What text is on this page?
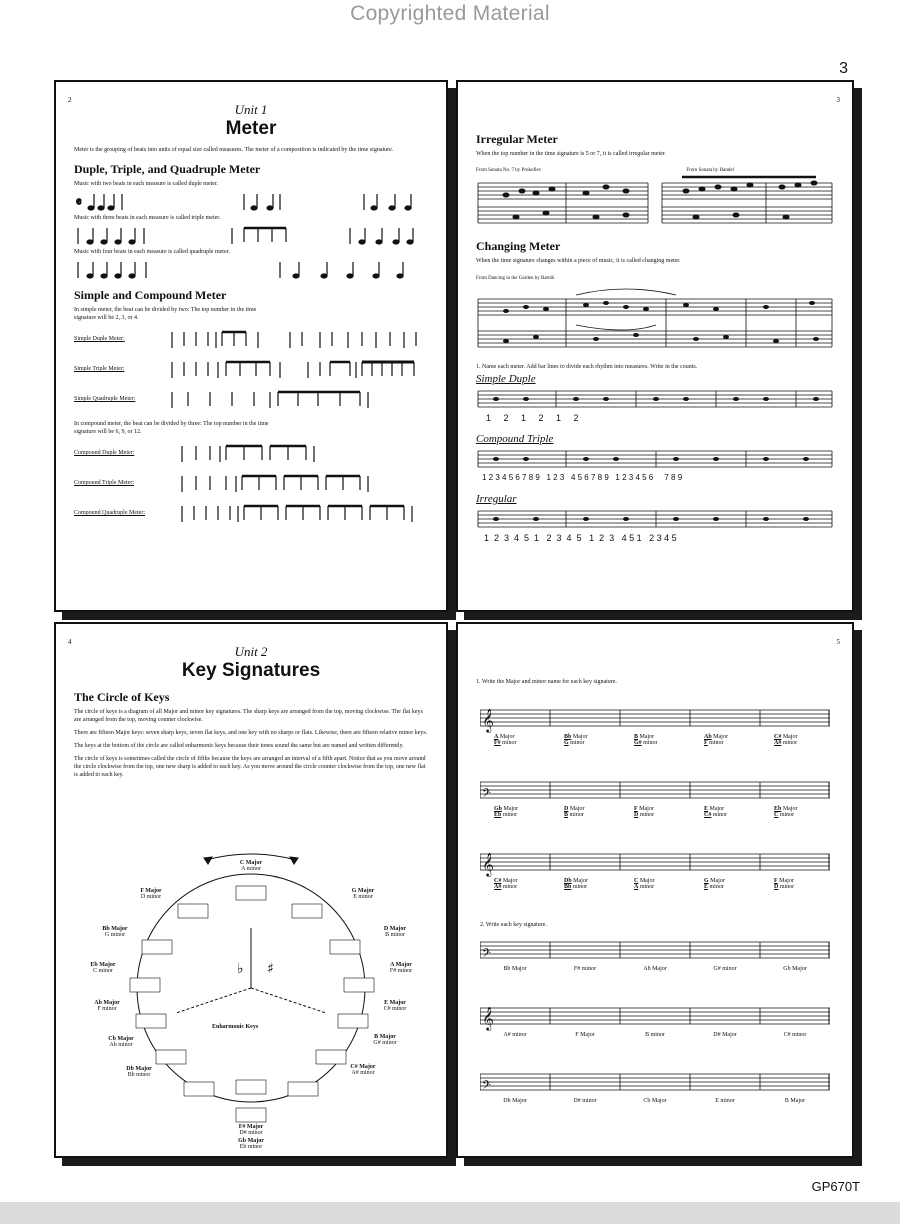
Copyrighted Material
3
2
Unit 1
Meter

Meter is the grouping of beats into units of equal size called measures. The meter of a composition is indicated by the time signature.

Duple, Triple, and Quadruple Meter

Music with two beats in each measure is called duple meter.

𝄴

Music with three beats in each measure is called triple meter.

Music with four beats in each measure is called quadruple meter.

Simple and Compound Meter

In simple meter, the beat can be divided by two: The top number in the time signature will be 2, 3, or 4.

Simple Duple Meter:
Simple Triple Meter:
Simple Quadruple Meter:

In compound meter, the beat can be divided by three: The top number in the time signature will be 6, 9, or 12.

Compound Duple Meter:
Compound Triple Meter:
Compound Quadruple Meter:
3
Irregular Meter

When the top number in the time signature is 5 or 7, it is called irregular meter.

From Sonata No. 7 by Prokofiev	From Sonata by Handel
Changing Meter

When the time signature changes within a piece of music, it is called changing meter.

From Dancing in the Garden by Bartók

1. Name each meter. Add bar lines to divide each rhythm into measures. Write in the counts.

Simple Duple
1     2     1     2     1     2
Compound Triple
1 2 3 4 5 6 7 8 9   1 2 3   4 5 6 7 8 9   1 2 3 4 5 6     7 8 9
Irregular
1  2  3  4  5  1   2  3  4  5   1  2  3   4 5 1   2 3 4 5
4
Unit 2
Key Signatures
The Circle of Keys

The circle of keys is a diagram of all Major and minor key signatures. The sharp keys are arranged from the top, moving clockwise. The flat keys are arranged from the top, moving counter clockwise.

There are fifteen Major keys: seven sharp keys, seven flat keys, and one key with no sharps or flats. Likewise, there are fifteen relative minor keys.

The keys at the bottom of the circle are called enharmonic keys because their tones sound the same but are named and written differently.

The circle of keys is sometimes called the circle of fifths because the keys are arranged an interval of a fifth apart. Notice that as you move around the circle clockwise from the top, one new sharp is added to each key. As you move around the circle counter clockwise from the top, one new flat is added to each key.

♭ ♯
Enharmonic Keys
C Major
A minor
G Major
E minor
D Major
B minor
A Major
F# minor
E Major
C# minor
B Major
G# minor
C# Major
A# minor
F Major
D minor
Bb Major
G minor
Eb Major
C minor
Ab Major
F minor
Cb Major
Ab minor
Db Major
Bb minor
F# Major
D# minor
Gb Major
Eb minor
5

1. Write the Major and minor name for each key signature.

𝄞
A Major
F# minor
Bb Major
G minor
B Major
G# minor
Ab Major
F minor
C# Major
A# minor
𝄢
Gb Major
Eb minor
D Major
B minor
F Major
D minor
E Major
C# minor
Eb Major
C minor
𝄞
C# Major
A# minor
Db Major
Bb minor
C Major
A minor
G Major
E minor
F Major
D minor
2. Write each key signature.
𝄢
Bb Major	F# minor	Ab Major	G# minor	Gb Major
𝄞
A# minor	F Major	B minor	D# Major	C# minor
𝄢
Db Major	D# minor	Cb Major	E minor	B Major
GP670T
